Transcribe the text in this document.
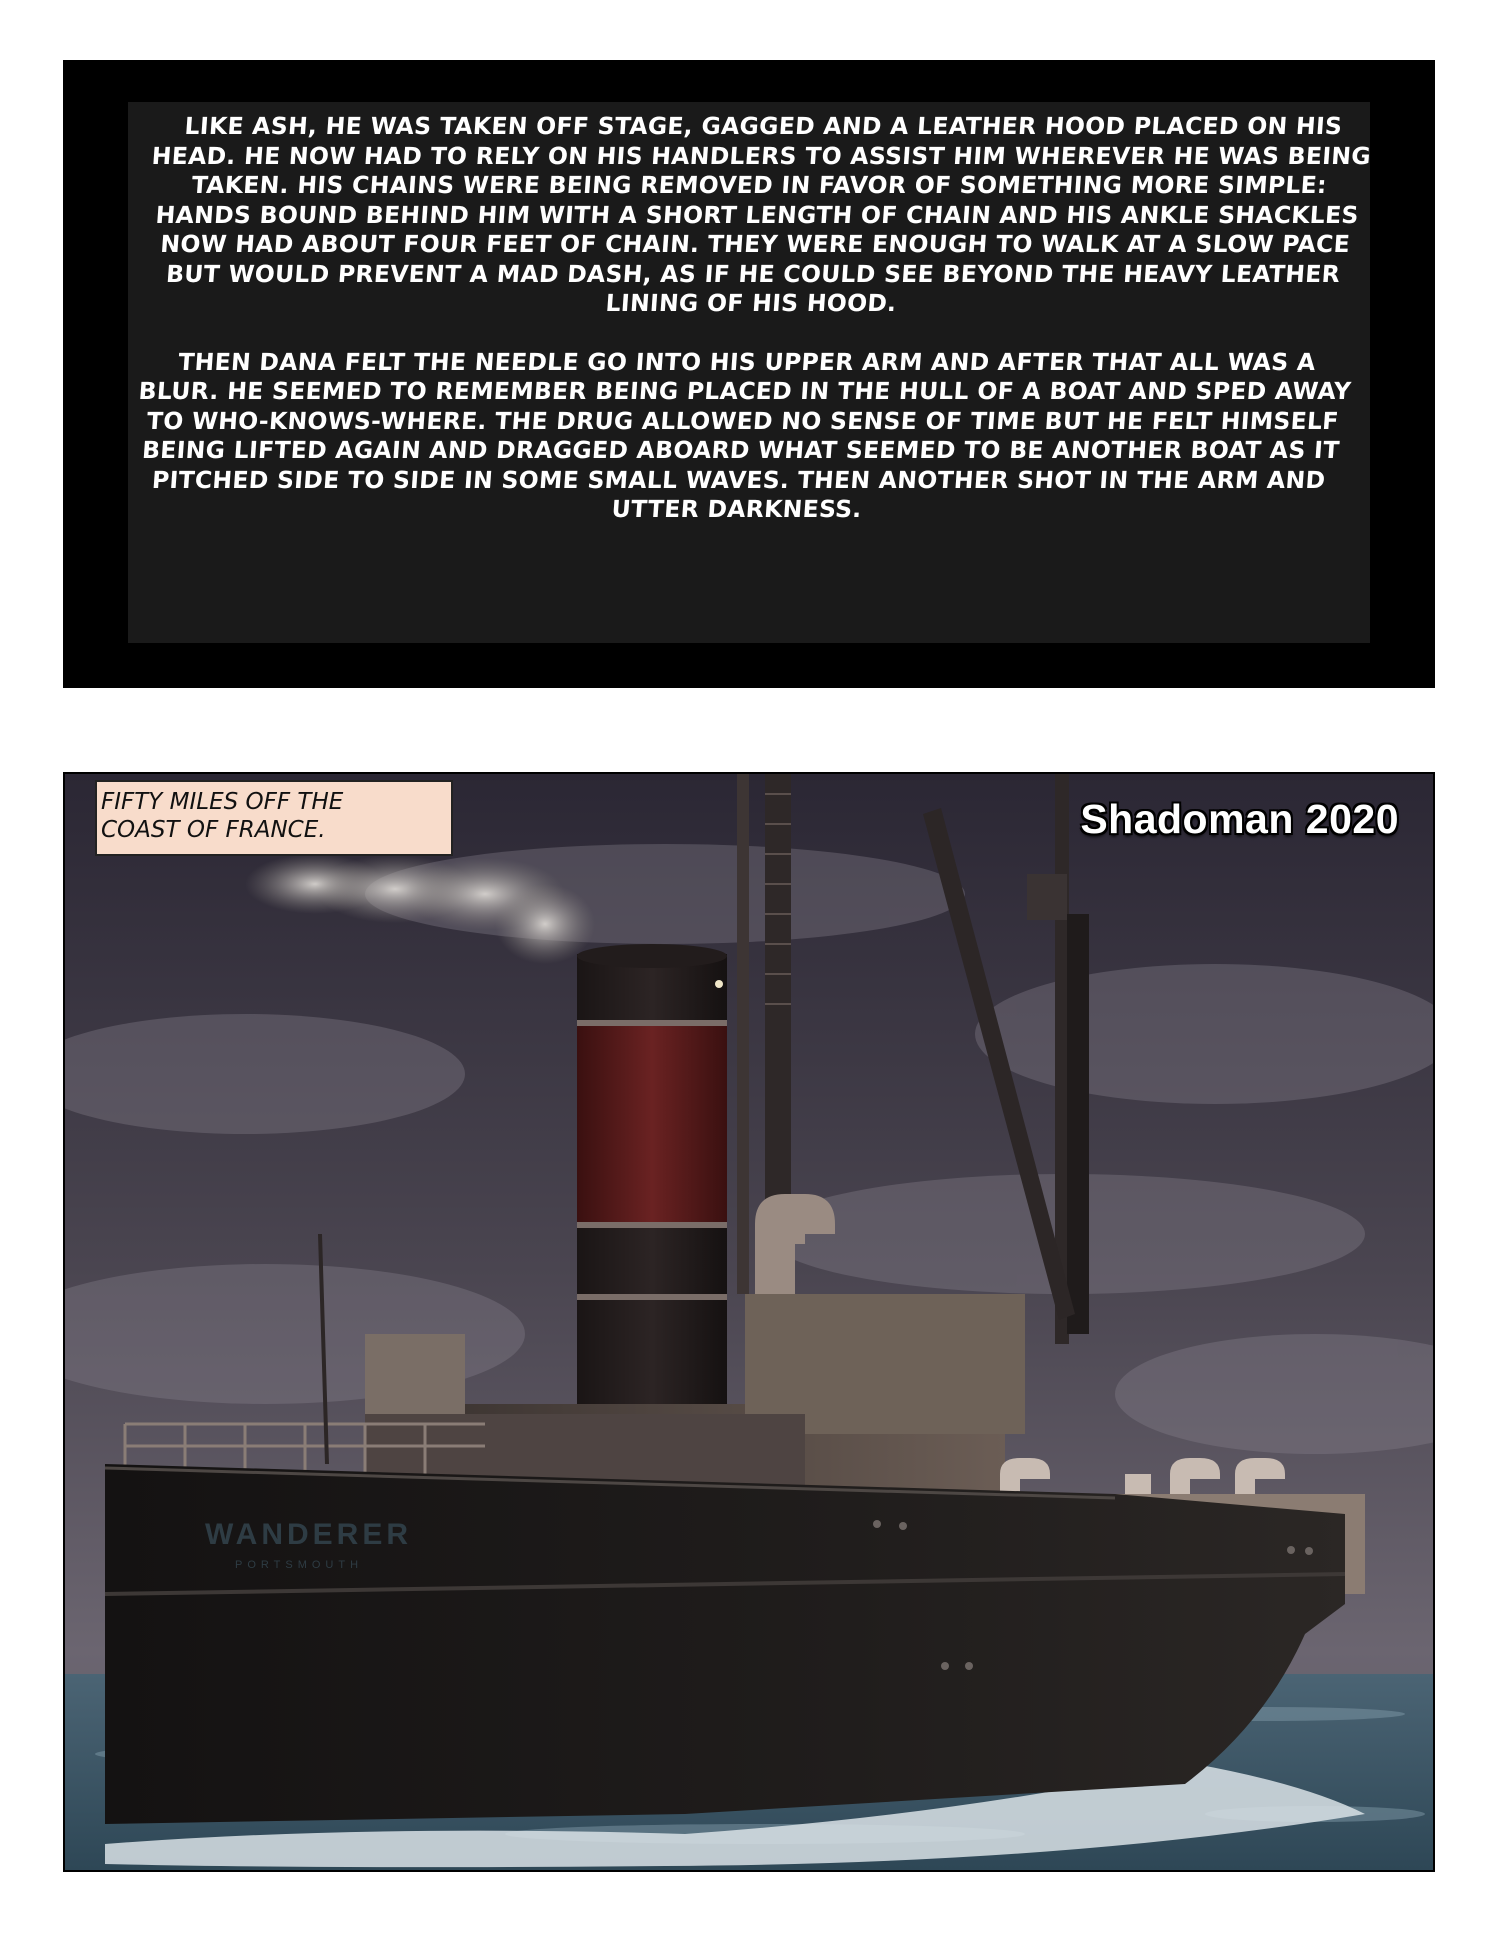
LIKE ASH, HE WAS TAKEN OFF STAGE, GAGGED AND A LEATHER HOOD PLACED ON HIS HEAD. HE NOW HAD TO RELY ON HIS HANDLERS TO ASSIST HIM WHEREVER HE WAS BEING TAKEN. HIS CHAINS WERE BEING REMOVED IN FAVOR OF SOMETHING MORE SIMPLE: HANDS BOUND BEHIND HIM WITH A SHORT LENGTH OF CHAIN AND HIS ANKLE SHACKLES NOW HAD ABOUT FOUR FEET OF CHAIN. THEY WERE ENOUGH TO WALK AT A SLOW PACE BUT WOULD PREVENT A MAD DASH, AS IF HE COULD SEE BEYOND THE HEAVY LEATHER LINING OF HIS HOOD.

THEN DANA FELT THE NEEDLE GO INTO HIS UPPER ARM AND AFTER THAT ALL WAS A BLUR. HE SEEMED TO REMEMBER BEING PLACED IN THE HULL OF A BOAT AND SPED AWAY TO WHO-KNOWS-WHERE. THE DRUG ALLOWED NO SENSE OF TIME BUT HE FELT HIMSELF BEING LIFTED AGAIN AND DRAGGED ABOARD WHAT SEEMED TO BE ANOTHER BOAT AS IT PITCHED SIDE TO SIDE IN SOME SMALL WAVES. THEN ANOTHER SHOT IN THE ARM AND UTTER DARKNESS.

WANDERER
PORTSMOUTH
FIFTY MILES OFF THE
COAST OF FRANCE.	Shadoman 2020
